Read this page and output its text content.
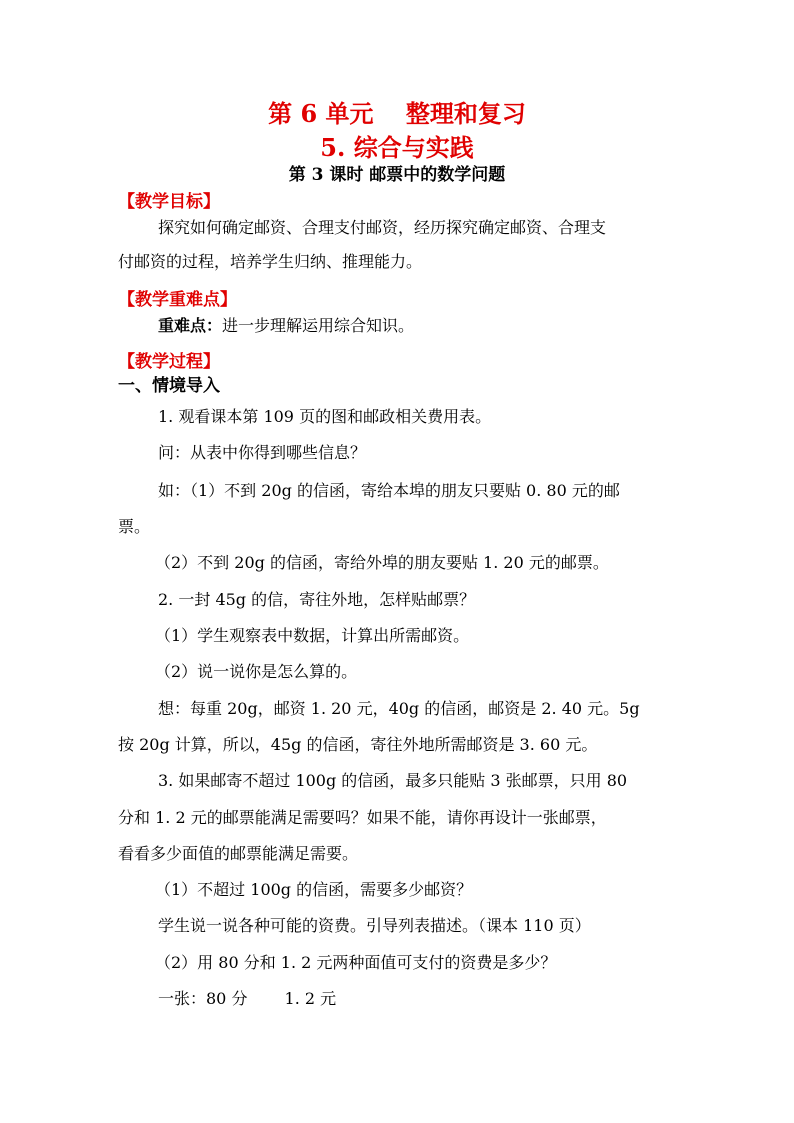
第 6 单元　 整理和复习
5. 综合与实践
第 3 课时 邮票中的数学问题
【教学目标】
探究如何确定邮资、合理支付邮资，经历探究确定邮资、合理支
付邮资的过程，培养学生归纳、推理能力。
【教学重难点】
重难点：进一步理解运用综合知识。
【教学过程】
一、情境导入
1. 观看课本第 109 页的图和邮政相关费用表。
问：从表中你得到哪些信息？
如：（1）不到 20g 的信函，寄给本埠的朋友只要贴 0. 80 元的邮
票。
（2）不到 20g 的信函，寄给外埠的朋友要贴 1. 20 元的邮票。
2. 一封 45g 的信，寄往外地，怎样贴邮票？
（1）学生观察表中数据，计算出所需邮资。
（2）说一说你是怎么算的。
想：每重 20g，邮资 1. 20 元，40g 的信函，邮资是 2. 40 元。5g
按 20g 计算，所以，45g 的信函，寄往外地所需邮资是 3. 60 元。
3. 如果邮寄不超过 100g 的信函，最多只能贴 3 张邮票，只用 80
分和 1. 2 元的邮票能满足需要吗？如果不能，请你再设计一张邮票，
看看多少面值的邮票能满足需要。
（1）不超过 100g 的信函，需要多少邮资？
学生说一说各种可能的资费。引导列表描述。（课本 110 页）
（2）用 80 分和 1. 2 元两种面值可支付的资费是多少？
一张：80 分　　 1. 2 元
